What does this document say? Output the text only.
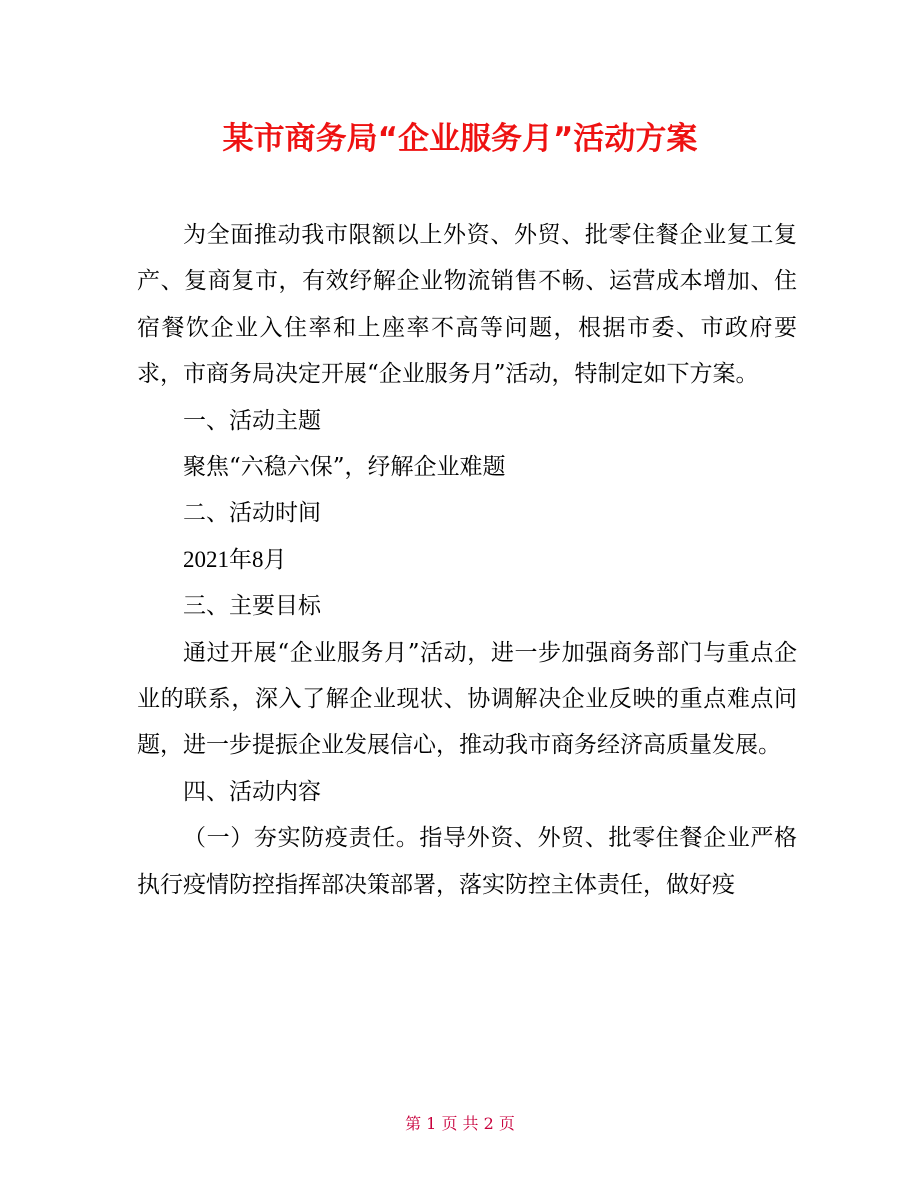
某市商务局“企业服务月”活动方案

为全面推动我市限额以上外资、外贸、批零住餐企业复工复产、复商复市，有效纾解企业物流销售不畅、运营成本增加、住宿餐饮企业入住率和上座率不高等问题，根据市委、市政府要求，市商务局决定开展“企业服务月”活动，特制定如下方案。

一、活动主题

聚焦“六稳六保”，纾解企业难题

二、活动时间

2021年8月

三、主要目标

通过开展“企业服务月”活动，进一步加强商务部门与重点企业的联系，深入了解企业现状、协调解决企业反映的重点难点问题，进一步提振企业发展信心，推动我市商务经济高质量发展。

四、活动内容

（一）夯实防疫责任。指导外资、外贸、批零住餐企业严格执行疫情防控指挥部决策部署，落实防控主体责任，做好疫

第 1 页 共 2 页
